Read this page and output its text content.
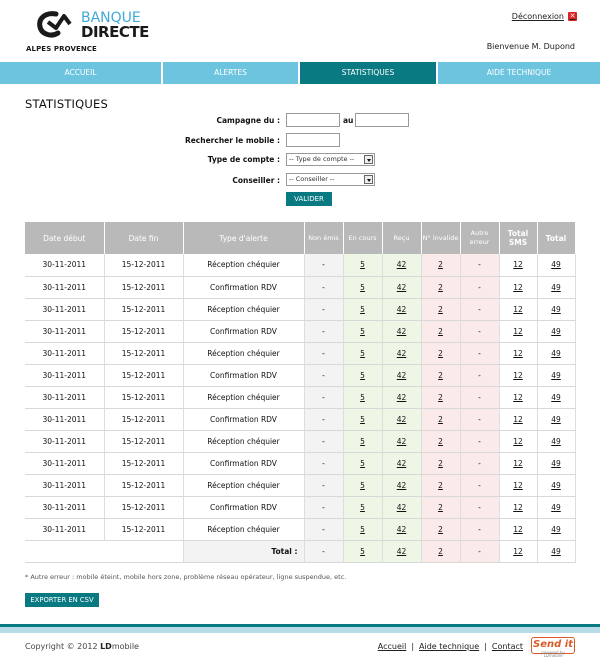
BANQUE
DIRECTE
ALPES PROVENCE
Déconnexion ✕
Bienvenue M. Dupond
ACCUEIL	ALERTES	STATISTIQUES	AIDE TECHNIQUE
STATISTIQUES
Campagne du :	au
Rechercher le mobile :
Type de compte :	-- Type de compte --
Conseiller :	-- Conseiller --
VALIDER
Date début	Date fin	Type d'alerte	Non émis	En cours	Reçu	N° invalide	Autre erreur	Total SMS	Total
30-11-2011	15-12-2011	Réception chéquier	-	5	42	2	-	12	49
30-11-2011	15-12-2011	Confirmation RDV	-	5	42	2	-	12	49
30-11-2011	15-12-2011	Réception chéquier	-	5	42	2	-	12	49
30-11-2011	15-12-2011	Confirmation RDV	-	5	42	2	-	12	49
30-11-2011	15-12-2011	Réception chéquier	-	5	42	2	-	12	49
30-11-2011	15-12-2011	Confirmation RDV	-	5	42	2	-	12	49
30-11-2011	15-12-2011	Réception chéquier	-	5	42	2	-	12	49
30-11-2011	15-12-2011	Confirmation RDV	-	5	42	2	-	12	49
30-11-2011	15-12-2011	Réception chéquier	-	5	42	2	-	12	49
30-11-2011	15-12-2011	Confirmation RDV	-	5	42	2	-	12	49
30-11-2011	15-12-2011	Réception chéquier	-	5	42	2	-	12	49
30-11-2011	15-12-2011	Confirmation RDV	-	5	42	2	-	12	49
30-11-2011	15-12-2011	Réception chéquier	-	5	42	2	-	12	49
		Total :	-	5	42	2	-	12	49
* Autre erreur : mobile éteint, mobile hors zone, problème réseau opérateur, ligne suspendue, etc.
EXPORTER EN CSV
Copyright © 2012 LDmobile	Accueil | Aide technique | Contact Send it
powered by LDmobile
